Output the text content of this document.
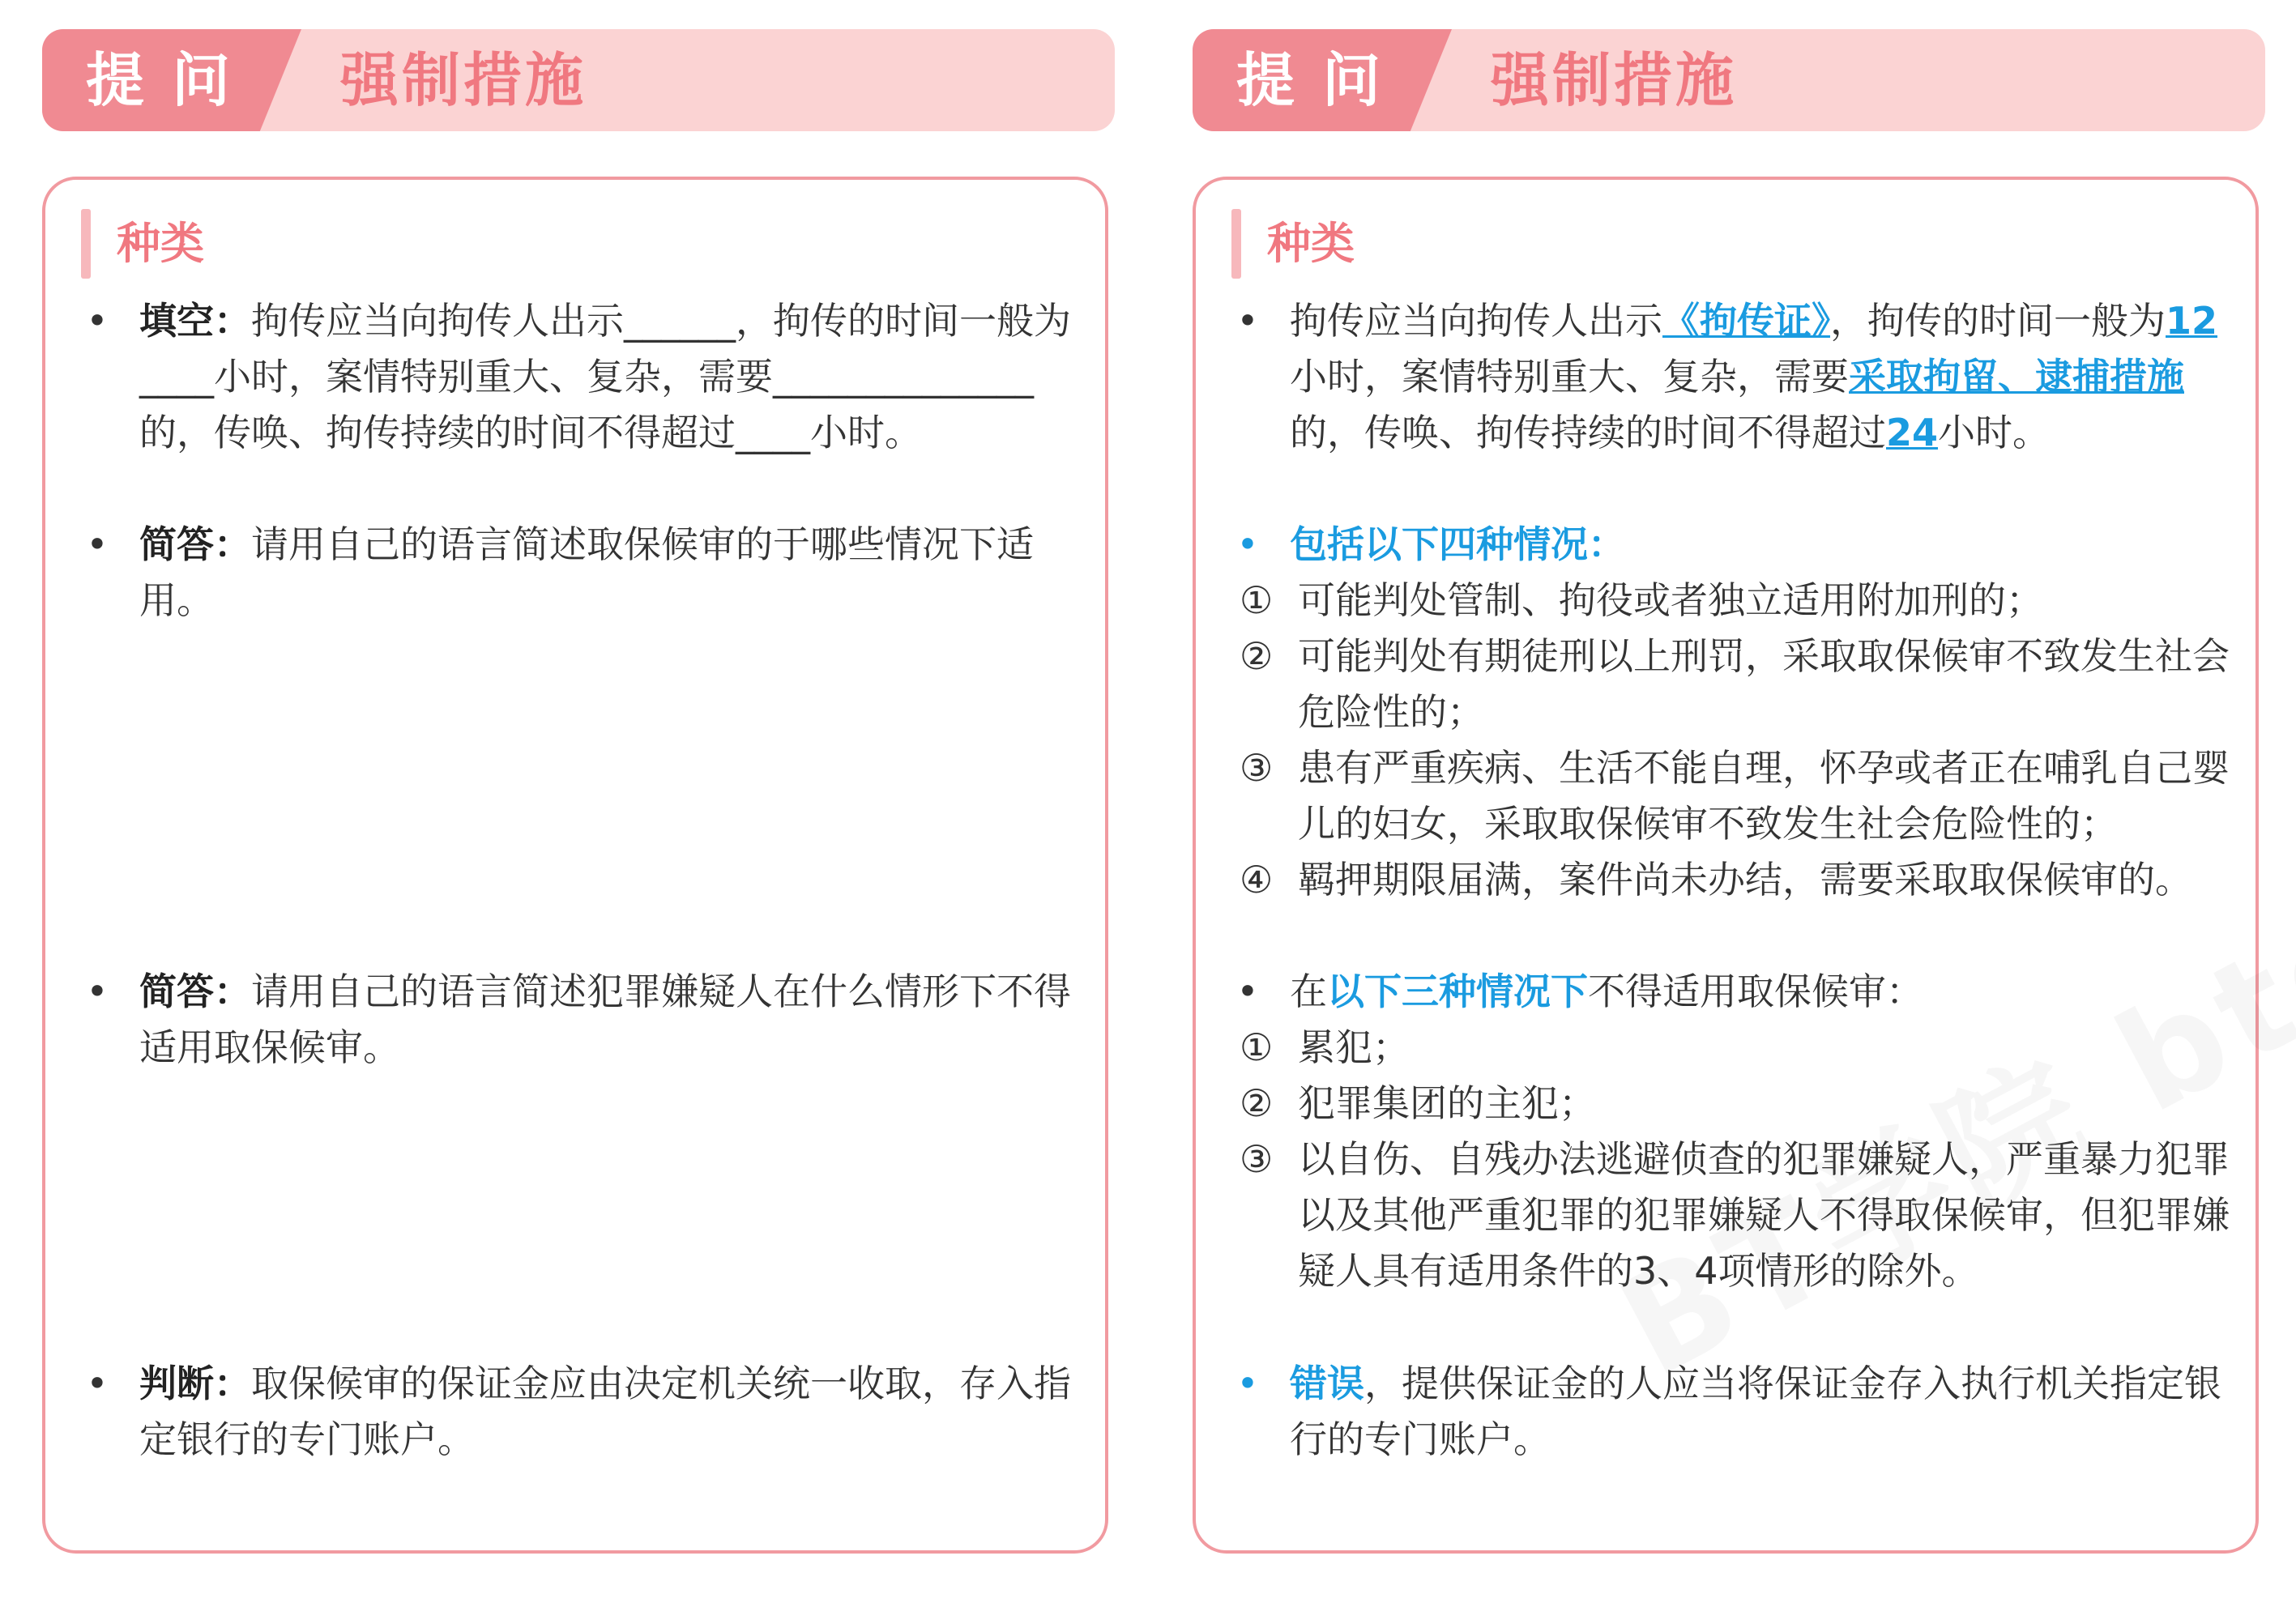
提问 强制措施
种类
• 填空：拘传应当向拘传人出示______，拘传的时间一般为____小时，案情特别重大、复杂，需要______________的，传唤、拘传持续的时间不得超过____小时。
• 简答：请用自己的语言简述取保候审的于哪些情况下适用。
• 简答：请用自己的语言简述犯罪嫌疑人在什么情形下不得适用取保候审。
• 判断：取保候审的保证金应由决定机关统一收取，存入指定银行的专门账户。
提问 强制措施
种类
• 拘传应当向拘传人出示《拘传证》，拘传的时间一般为12小时，案情特别重大、复杂，需要采取拘留、逮捕措施的，传唤、拘传持续的时间不得超过24小时。
• 包括以下四种情况：
① 可能判处管制、拘役或者独立适用附加刑的；
② 可能判处有期徒刑以上刑罚，采取取保候审不致发生社会危险性的；
③ 患有严重疾病、生活不能自理，怀孕或者正在哺乳自己婴儿的妇女，采取取保候审不致发生社会危险性的；
④ 羁押期限届满，案件尚未办结，需要采取取保候审的。
• 在以下三种情况下不得适用取保候审：
① 累犯；
② 犯罪集团的主犯；
③ 以自伤、自残办法逃避侦查的犯罪嫌疑人，严重暴力犯罪以及其他严重犯罪的犯罪嫌疑人不得取保候审，但犯罪嫌疑人具有适用条件的3、4项情形的除外。
• 错误，提供保证金的人应当将保证金存入执行机关指定银行的专门账户。
